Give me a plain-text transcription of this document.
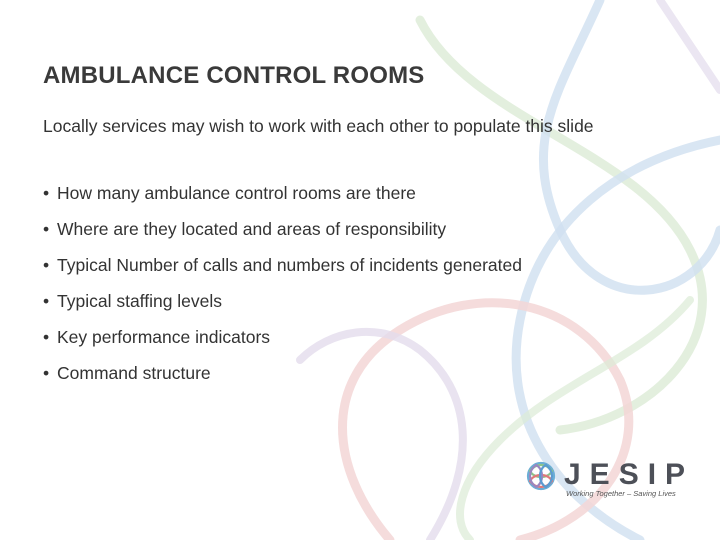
AMBULANCE CONTROL ROOMS

Locally services may wish to work with each other to populate this slide

• How many ambulance control rooms are there
• Where are they located and areas of responsibility
• Typical Number of calls and numbers of incidents generated
• Typical staffing levels
• Key performance indicators
• Command structure
JESIP
Working Together – Saving Lives
